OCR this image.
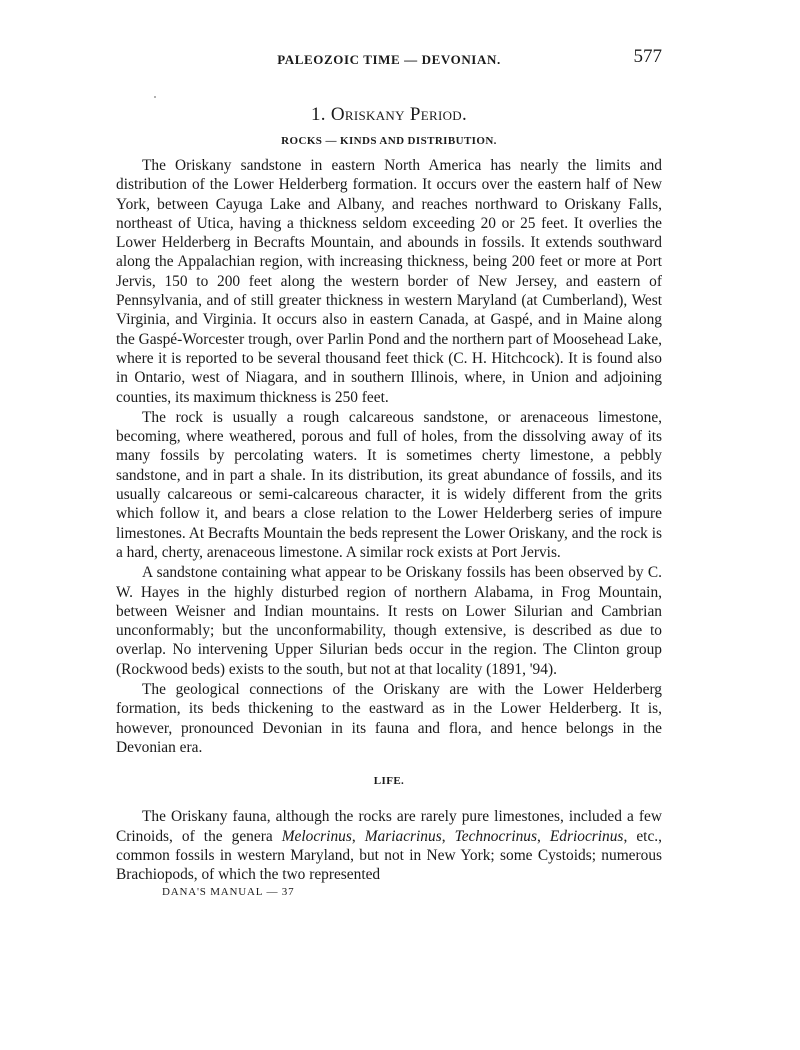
PALEOZOIC TIME — DEVONIAN.	577
1. Oriskany Period.
ROCKS — KINDS AND DISTRIBUTION.

The Oriskany sandstone in eastern North America has nearly the limits and distribution of the Lower Helderberg formation. It occurs over the eastern half of New York, between Cayuga Lake and Albany, and reaches northward to Oriskany Falls, northeast of Utica, having a thickness seldom exceeding 20 or 25 feet. It overlies the Lower Helderberg in Becrafts Mountain, and abounds in fossils. It extends southward along the Appalachian region, with increasing thickness, being 200 feet or more at Port Jervis, 150 to 200 feet along the western border of New Jersey, and eastern of Pennsylvania, and of still greater thickness in western Maryland (at Cumberland), West Virginia, and Virginia. It occurs also in eastern Canada, at Gaspé, and in Maine along the Gaspé-Worcester trough, over Parlin Pond and the northern part of Moosehead Lake, where it is reported to be several thousand feet thick (C. H. Hitchcock). It is found also in Ontario, west of Niagara, and in southern Illinois, where, in Union and adjoining counties, its maximum thickness is 250 feet.

The rock is usually a rough calcareous sandstone, or arenaceous limestone, becoming, where weathered, porous and full of holes, from the dissolving away of its many fossils by percolating waters. It is sometimes cherty limestone, a pebbly sandstone, and in part a shale. In its distribution, its great abundance of fossils, and its usually calcareous or semi-calcareous character, it is widely different from the grits which follow it, and bears a close relation to the Lower Helderberg series of impure limestones. At Becrafts Mountain the beds represent the Lower Oriskany, and the rock is a hard, cherty, arenaceous limestone. A similar rock exists at Port Jervis.

A sandstone containing what appear to be Oriskany fossils has been observed by C. W. Hayes in the highly disturbed region of northern Alabama, in Frog Mountain, between Weisner and Indian mountains. It rests on Lower Silurian and Cambrian unconformably; but the unconformability, though extensive, is described as due to overlap. No intervening Upper Silurian beds occur in the region. The Clinton group (Rockwood beds) exists to the south, but not at that locality (1891, '94).

The geological connections of the Oriskany are with the Lower Helderberg formation, its beds thickening to the eastward as in the Lower Helderberg. It is, however, pronounced Devonian in its fauna and flora, and hence belongs in the Devonian era.

LIFE.

The Oriskany fauna, although the rocks are rarely pure limestones, included a few Crinoids, of the genera Melocrinus, Mariacrinus, Technocrinus, Edriocrinus, etc., common fossils in western Maryland, but not in New York; some Cystoids; numerous Brachiopods, of which the two represented

DANA'S MANUAL — 37
